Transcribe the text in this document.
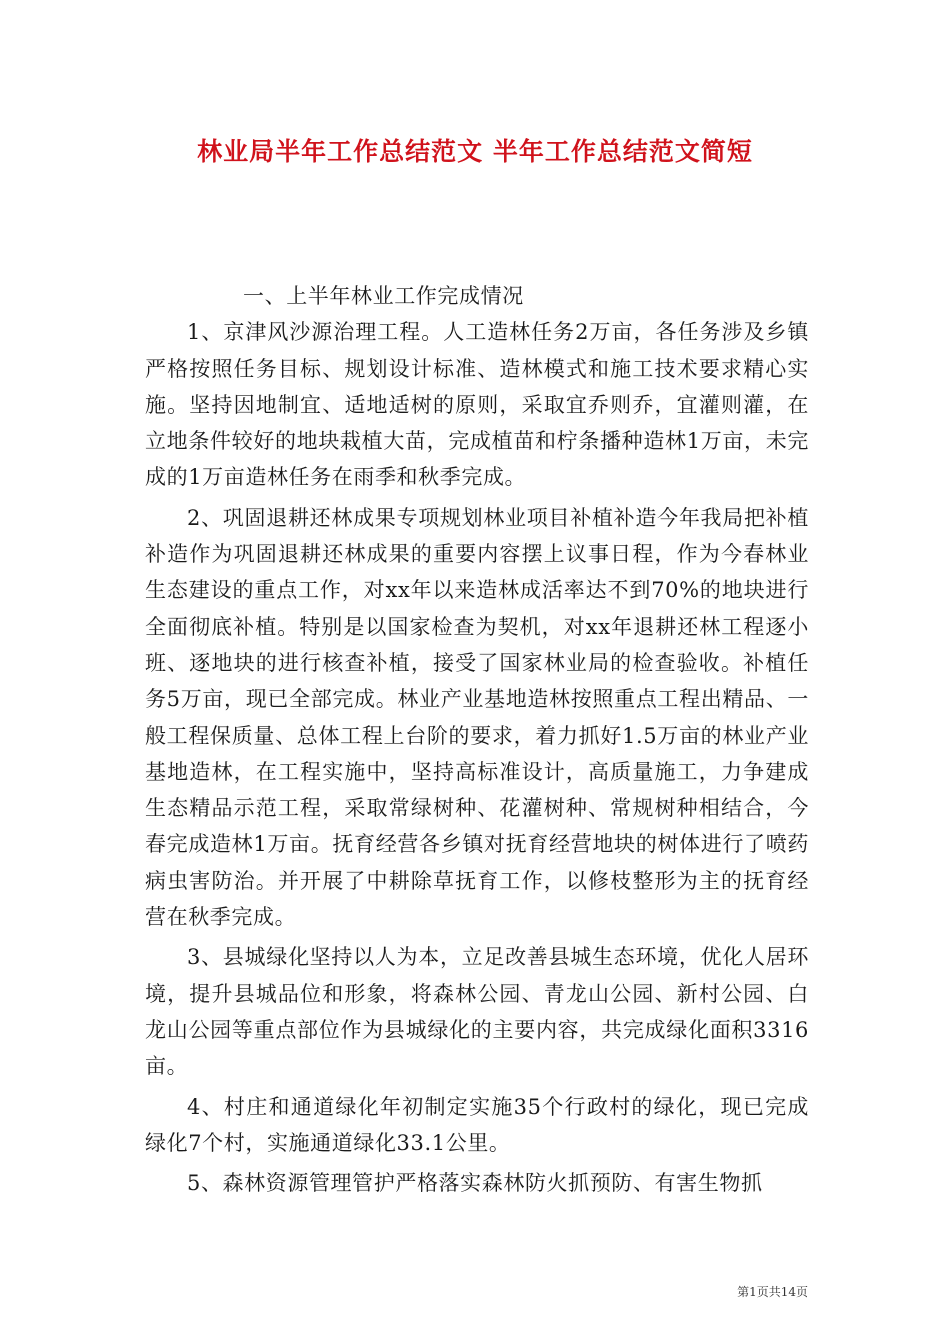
林业局半年工作总结范文 半年工作总结范文简短

一、上半年林业工作完成情况

1、京津风沙源治理工程。人工造林任务2万亩，各任务涉及乡镇严格按照任务目标、规划设计标准、造林模式和施工技术要求精心实施。坚持因地制宜、适地适树的原则，采取宜乔则乔，宜灌则灌，在立地条件较好的地块栽植大苗，完成植苗和柠条播种造林1万亩，未完成的1万亩造林任务在雨季和秋季完成。

2、巩固退耕还林成果专项规划林业项目补植补造今年我局把补植补造作为巩固退耕还林成果的重要内容摆上议事日程，作为今春林业生态建设的重点工作，对xx年以来造林成活率达不到70%的地块进行全面彻底补植。特别是以国家检查为契机，对xx年退耕还林工程逐小班、逐地块的进行核查补植，接受了国家林业局的检查验收。补植任务5万亩，现已全部完成。林业产业基地造林按照重点工程出精品、一般工程保质量、总体工程上台阶的要求，着力抓好1.5万亩的林业产业基地造林，在工程实施中，坚持高标准设计，高质量施工，力争建成生态精品示范工程，采取常绿树种、花灌树种、常规树种相结合，今春完成造林1万亩。抚育经营各乡镇对抚育经营地块的树体进行了喷药病虫害防治。并开展了中耕除草抚育工作，以修枝整形为主的抚育经营在秋季完成。

3、县城绿化坚持以人为本，立足改善县城生态环境，优化人居环境，提升县城品位和形象，将森林公园、青龙山公园、新村公园、白龙山公园等重点部位作为县城绿化的主要内容，共完成绿化面积3316亩。

4、村庄和通道绿化年初制定实施35个行政村的绿化，现已完成绿化7个村，实施通道绿化33.1公里。

5、森林资源管理管护严格落实森林防火抓预防、有害生物抓

第1页共14页
